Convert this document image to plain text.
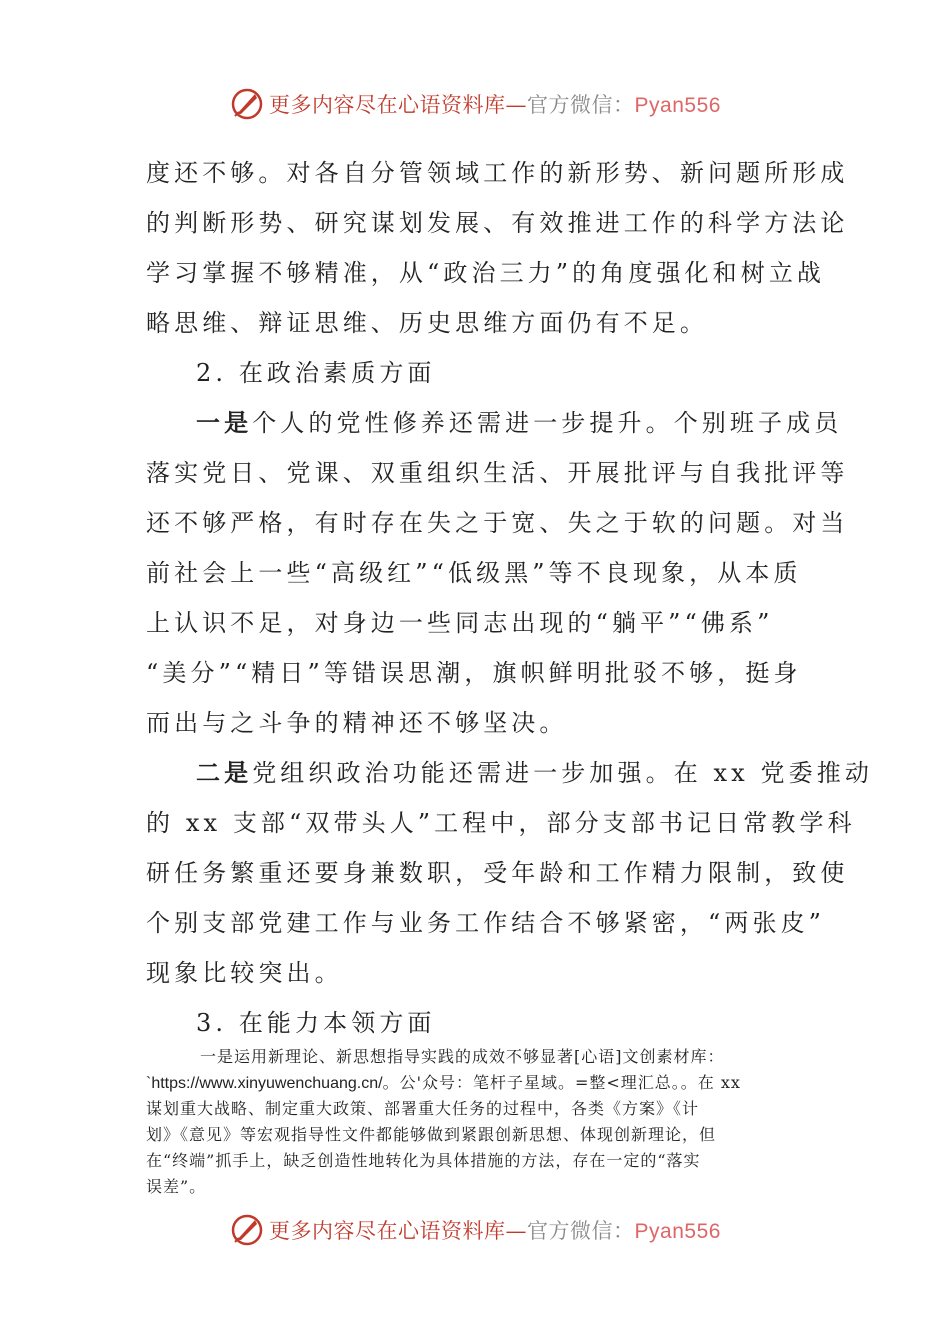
更多内容尽在心语资料库—官方微信：Pyan556
度还不够。对各自分管领域工作的新形势、新问题所形成
的判断形势、研究谋划发展、有效推进工作的科学方法论
学习掌握不够精准，从“政治三力”的角度强化和树立战
略思维、辩证思维、历史思维方面仍有不足。
2. 在政治素质方面
一是个人的党性修养还需进一步提升。个别班子成员
落实党日、党课、双重组织生活、开展批评与自我批评等
还不够严格，有时存在失之于宽、失之于软的问题。对当
前社会上一些“高级红”“低级黑”等不良现象，从本质
上认识不足，对身边一些同志出现的“躺平”“佛系”
“美分”“精日”等错误思潮，旗帜鲜明批驳不够，挺身
而出与之斗争的精神还不够坚决。
二是党组织政治功能还需进一步加强。在 xx 党委推动
的 xx 支部“双带头人”工程中，部分支部书记日常教学科
研任务繁重还要身兼数职，受年龄和工作精力限制，致使
个别支部党建工作与业务工作结合不够紧密，“两张皮”
现象比较突出。
3. 在能力本领方面
一是运用新理论、新思想指导实践的成效不够显著[心语]文创素材库：
`https://www.xinyuwenchuang.cn/。公'众号：笔杆子星域。=整<理汇总。。在 xx
谋划重大战略、制定重大政策、部署重大任务的过程中，各类《方案》《计
划》《意见》等宏观指导性文件都能够做到紧跟创新思想、体现创新理论，但
在“终端”抓手上，缺乏创造性地转化为具体措施的方法，存在一定的“落实
误差”。
更多内容尽在心语资料库—官方微信：Pyan556
